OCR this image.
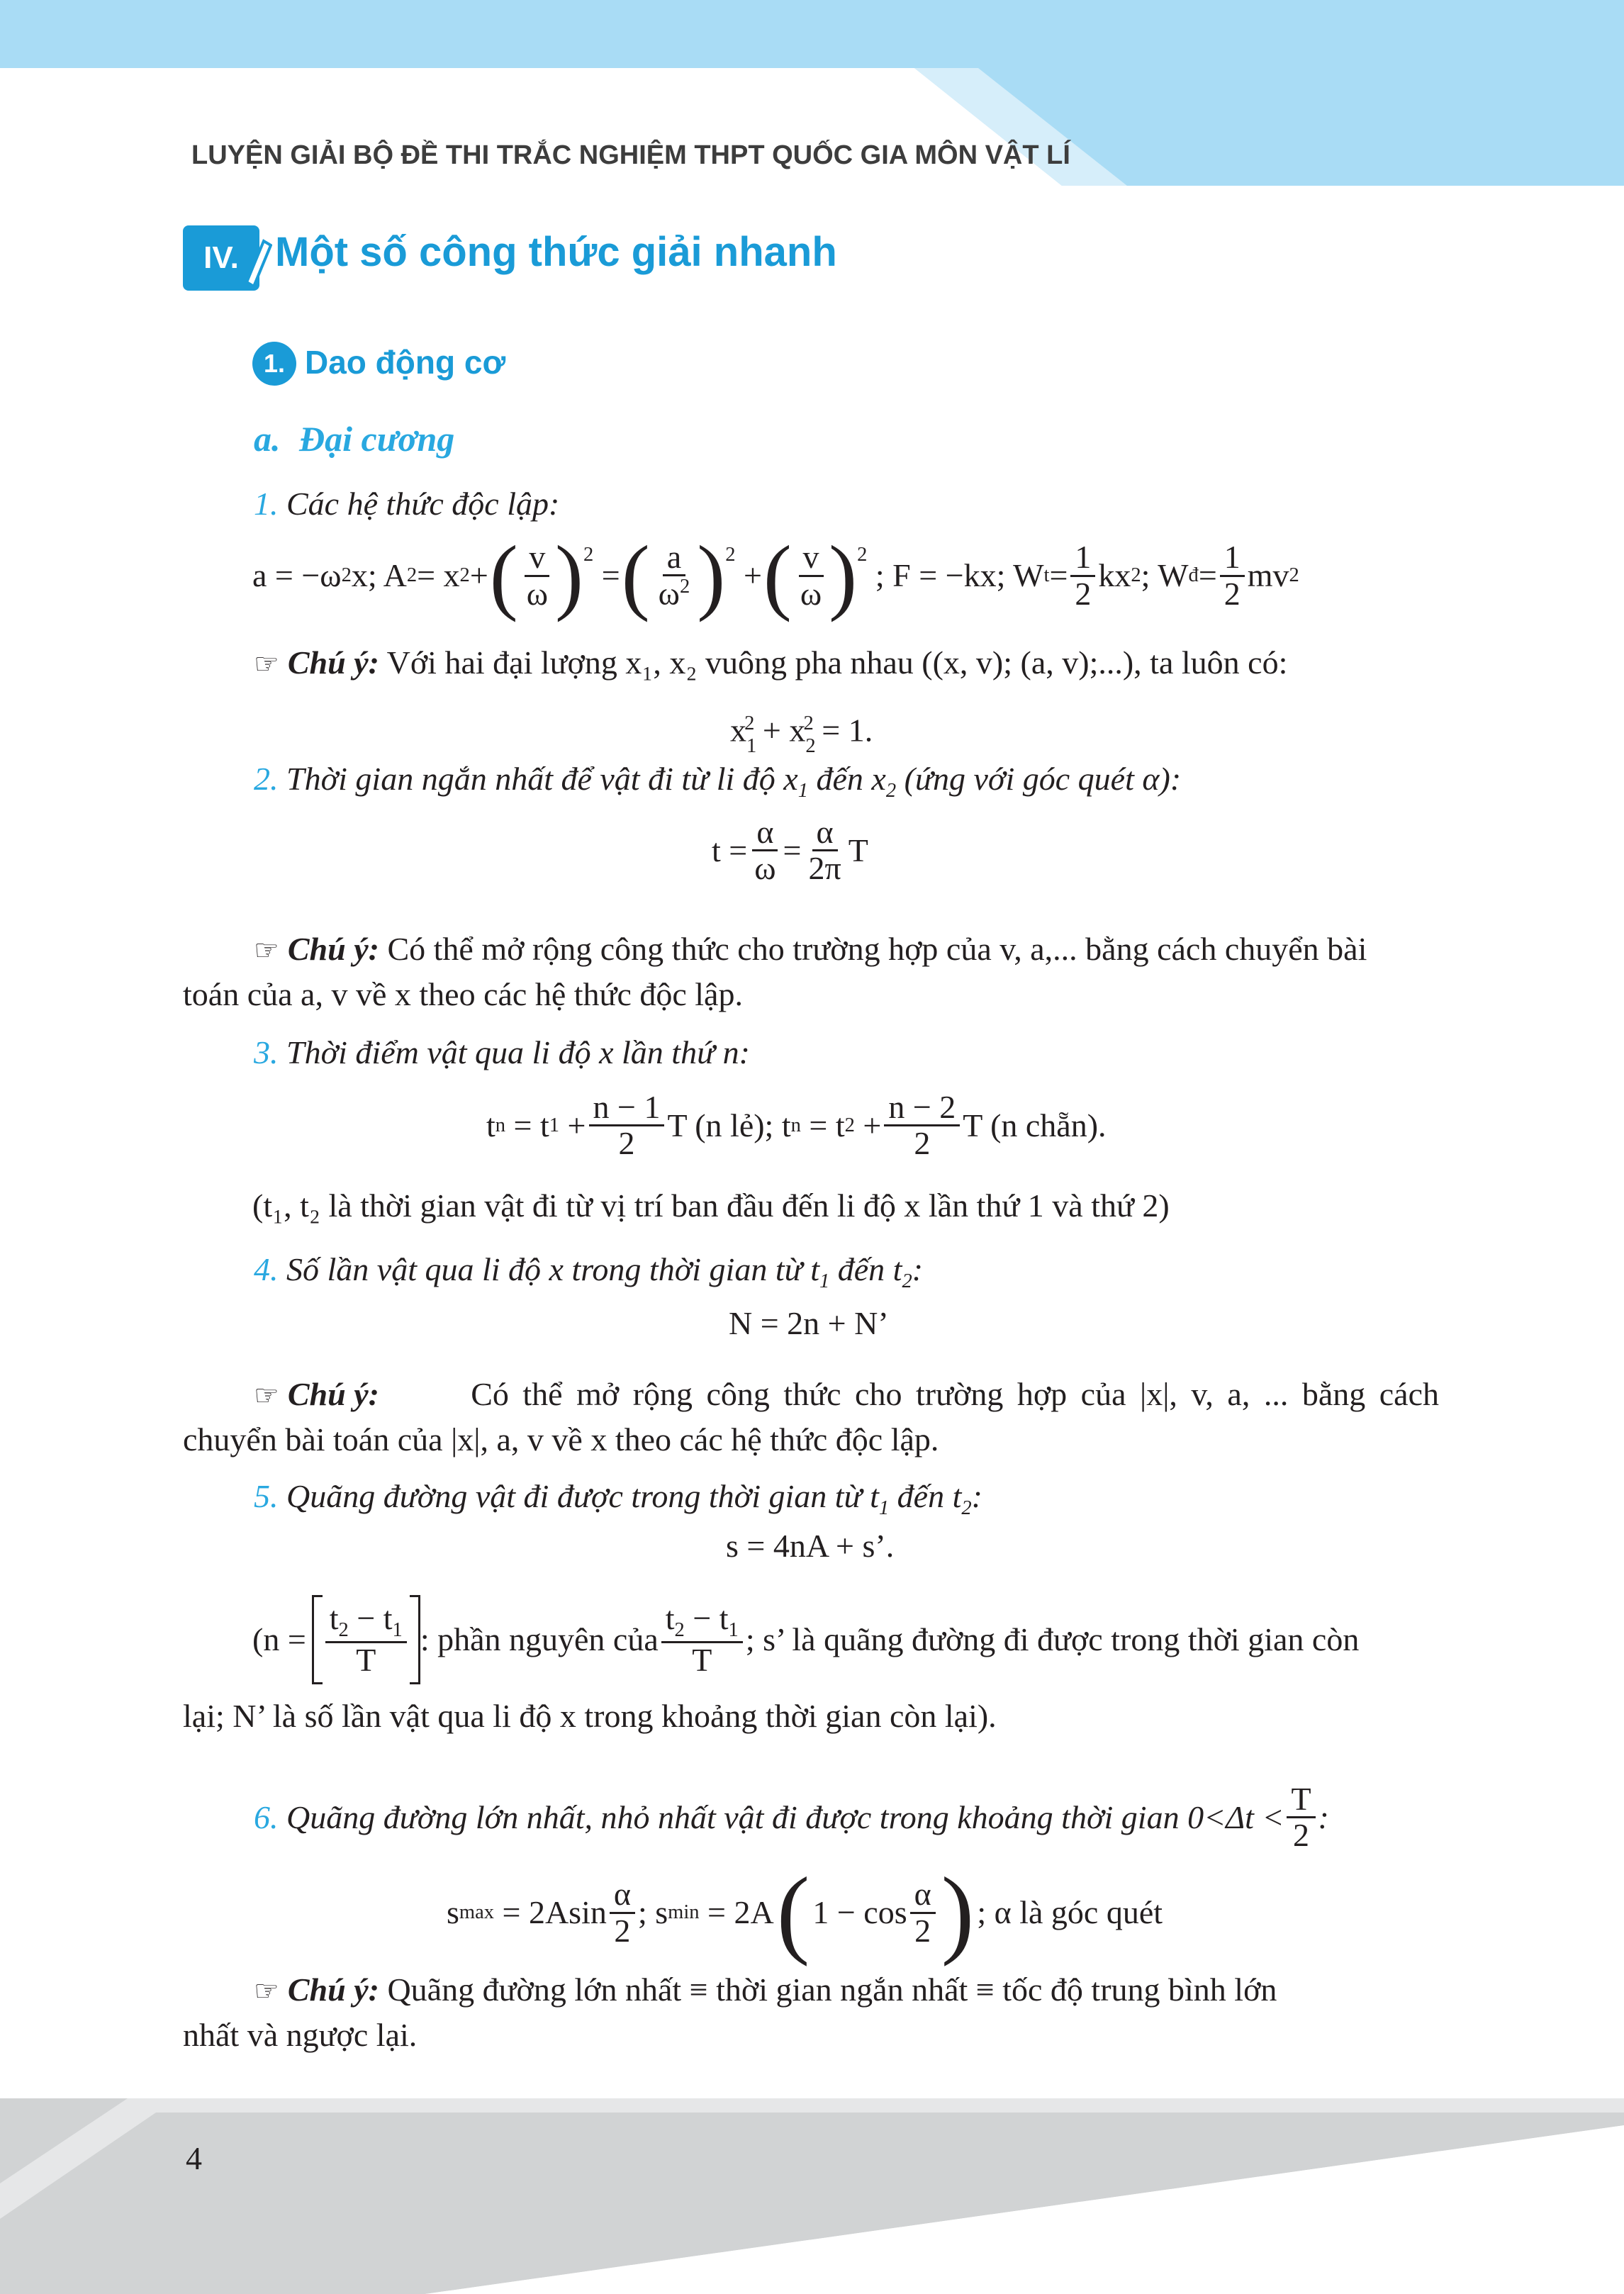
LUYỆN GIẢI BỘ ĐỀ THI TRẮC NGHIỆM THPT QUỐC GIA MÔN VẬT LÍ
IV. Một số công thức giải nhanh
1. Dao động cơ
a. Đại cương
1. Các hệ thức độc lập:
a = −ω 2 x; A 2 = x 2 + ( $\frac{v}{\omega} )^2$
= ( $\frac{a}{\omega^2} )^2$
+ ( $\frac{v}{\omega} )^2$
; F = −kx; $W_t = \frac{1}{2}$ kx 2 ; W đ = $\frac{1}{2}$ mv 2
☞ Chú ý: Với hai đại lượng x₁, x₂ vuông pha nhau ((x, v); (a, v);...), ta luôn có:
$x_1^2 + x_2^2 = 1$.
2. Thời gian ngắn nhất để vật đi từ li độ $x_1$ đến $x_2$ (ứng với góc quét α):
$t = \frac{\alpha}{\omega} = \frac{\alpha}{2\pi}$ T
☞ Chú ý: Có thể mở rộng công thức cho trường hợp của v, a,... bằng cách chuyển bài
toán của a, v về x theo các hệ thức độc lập.
3. Thời điểm vật qua li độ x lần thứ n:
t n = t $1 + \frac{n - 1}{2}$ T (n lẻ); t n = t $2 + \frac{n - 2}{2}$ T (n chẵn).
(t₁, t₂ là thời gian vật đi từ vị trí ban đầu đến li độ x lần thứ 1 và thứ 2)
4. Số lần vật qua li độ x trong thời gian từ $t_1$ đến $t_2$:
N = 2n + N’
☞ Chú ý:	Có thể mở rộng công thức cho trường hợp của |x|, v, a, ... bằng cách
chuyển bài toán của |x|, a, v về x theo các hệ thức độc lập.
5. Quãng đường vật đi được trong thời gian từ $t_1$ đến $t_2$:
s = 4nA + s’.
($n = \frac{t_2 - t_1}{T}$ : phần nguyên của $\frac{t_2 - t_1}{T}$ ; s’ là quãng đường đi được trong thời gian còn
lại; N’ là số lần vật qua li độ x trong khoảng thời gian còn lại).
6.
Quãng đường lớn nhất, nhỏ nhất vật đi được trong khoảng thời gian $0<\Delta t < \frac{T}{2}$ :
s $\max = 2Asin \frac{\alpha}{2}$ ; s min = 2A ( $1 - \cos \frac{\alpha}{2}$ ) ; α là góc quét
☞ Chú ý: Quãng đường lớn nhất ≡ thời gian ngắn nhất ≡ tốc độ trung bình lớn
nhất và ngược lại.
4
